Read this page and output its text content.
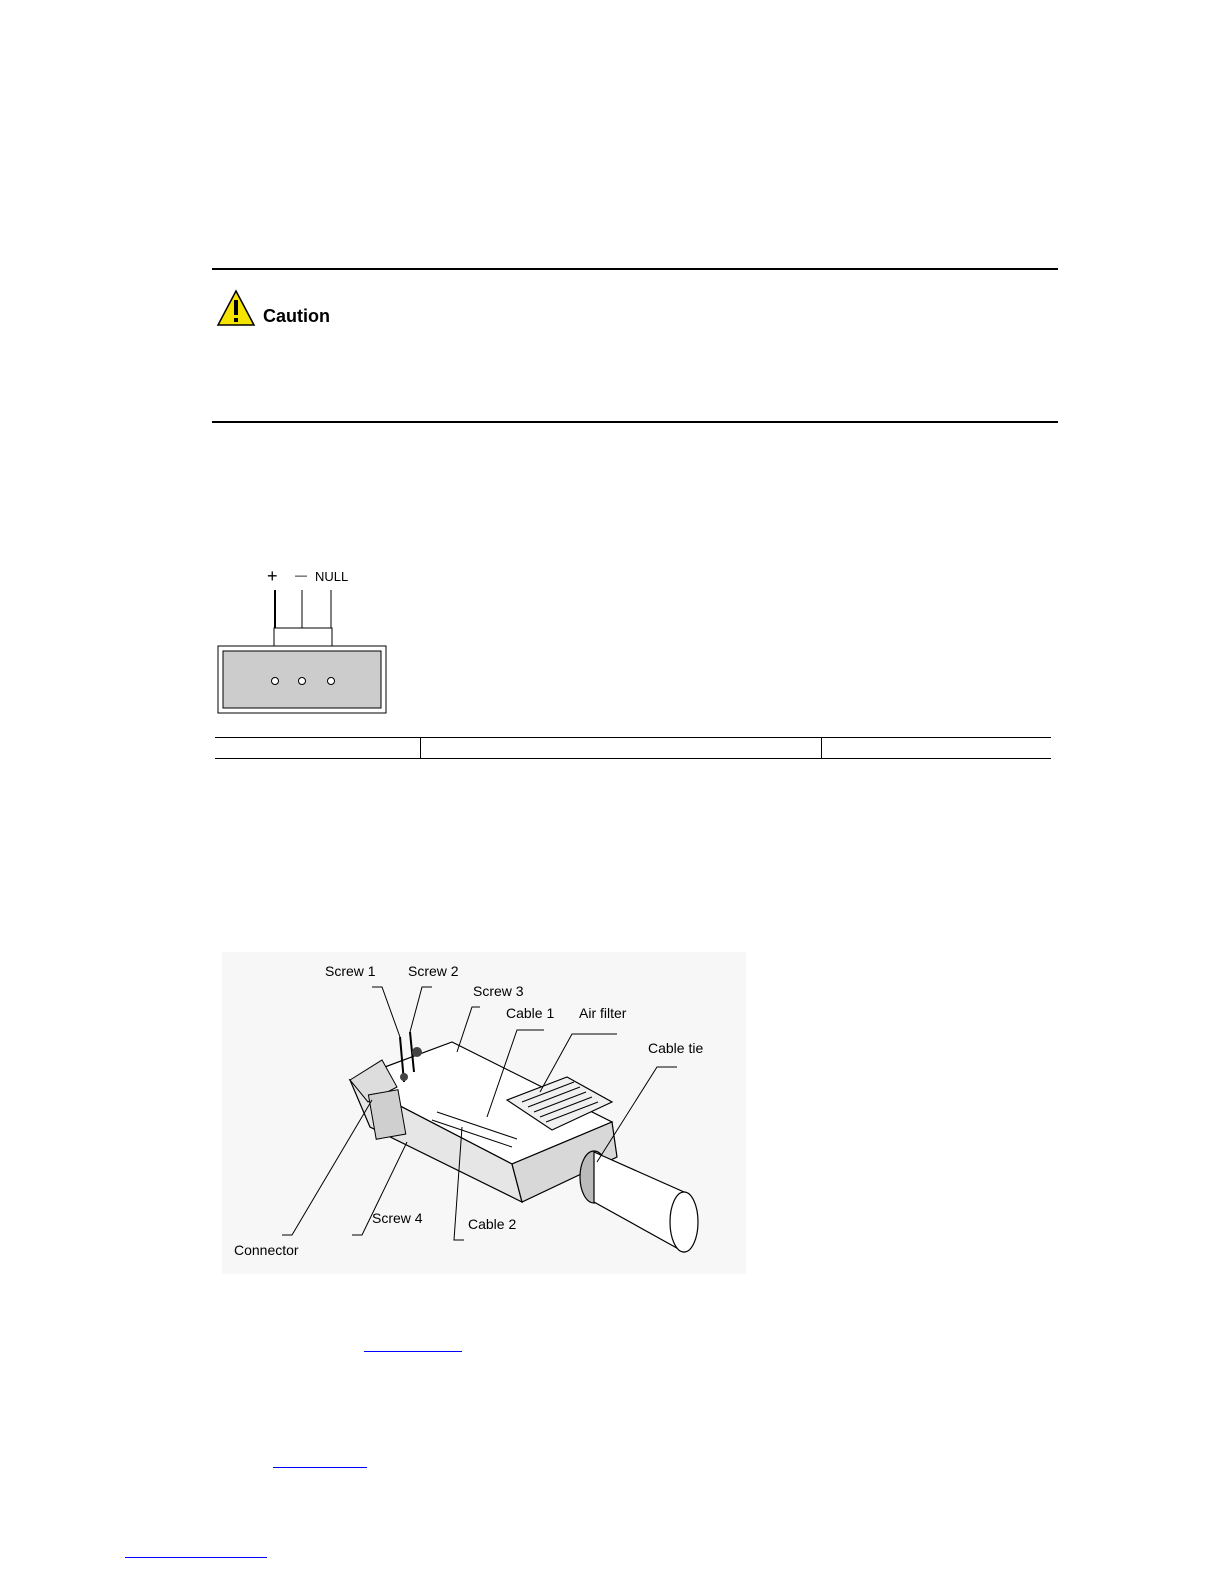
Caution
+ — NULL

Screw 1 Screw 2
Screw 3
Cable 1 Air filter
Cable tie
Screw 4	Cable 2
Connector
